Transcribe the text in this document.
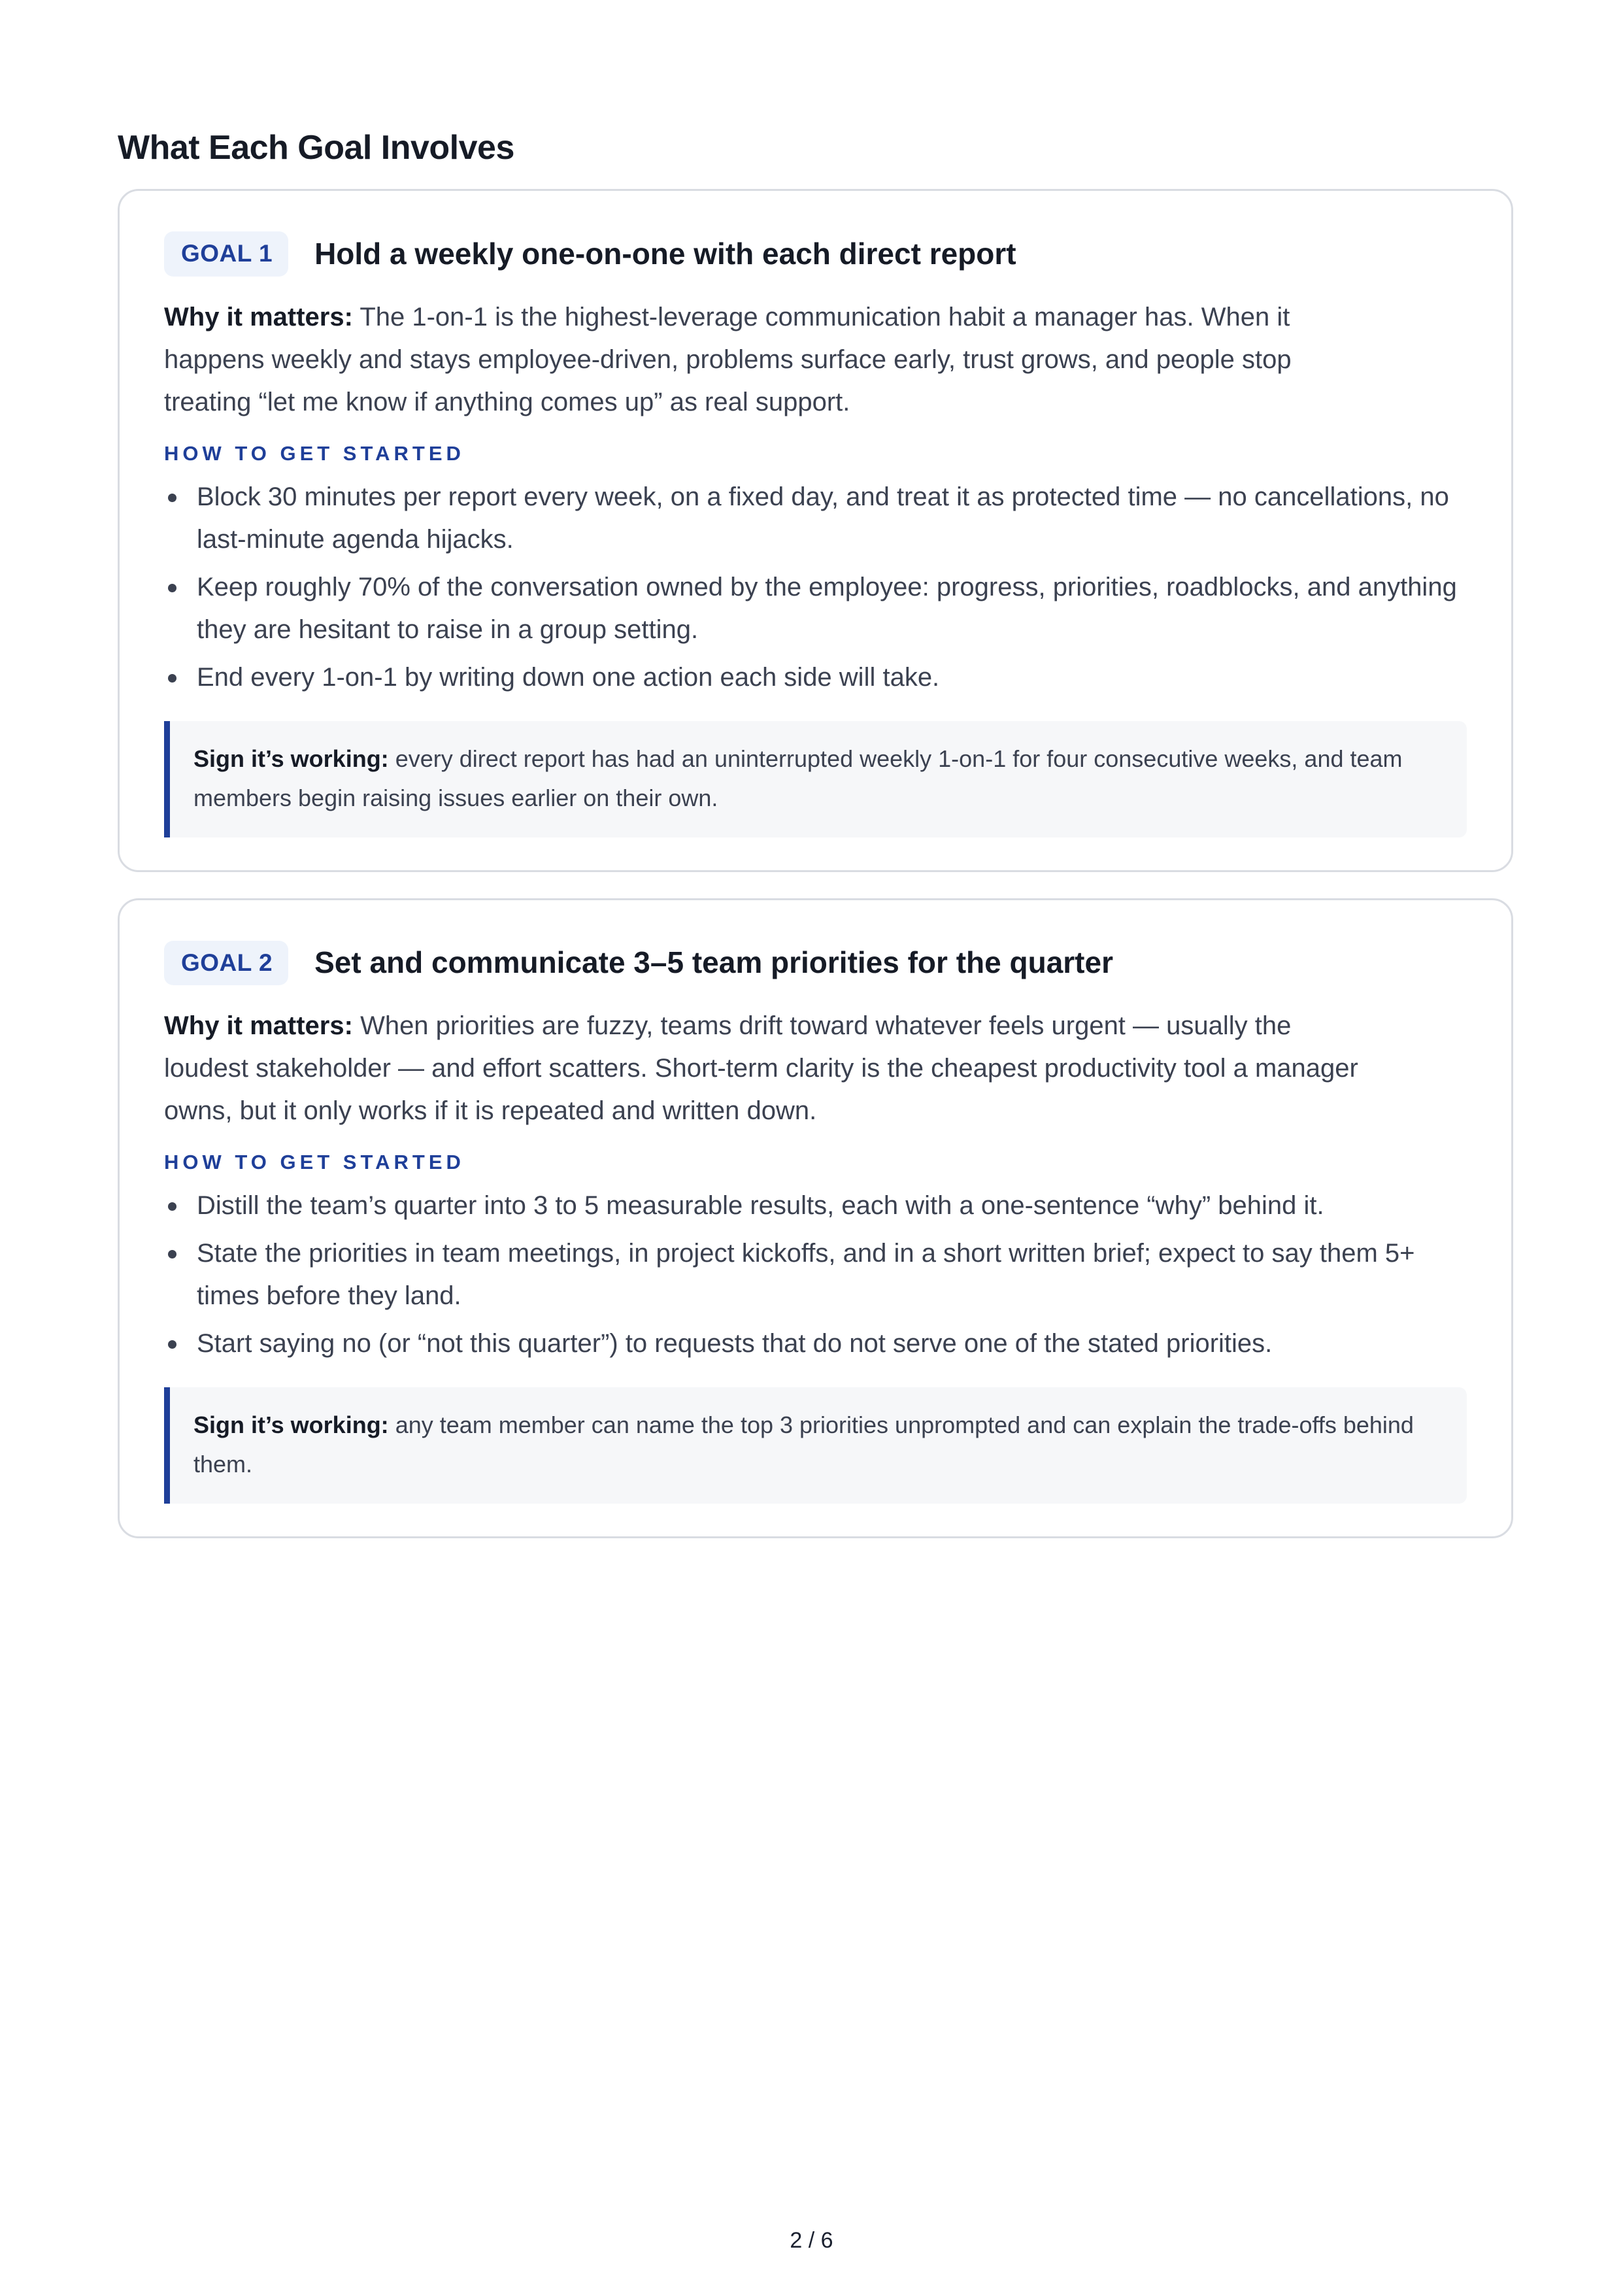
What Each Goal Involves
GOAL 1	Hold a weekly one-on-one with each direct report

Why it matters: The 1-on-1 is the highest-leverage communication habit a manager has. When it happens weekly and stays employee-driven, problems surface early, trust grows, and people stop treating “let me know if anything comes up” as real support.

HOW TO GET STARTED
Block 30 minutes per report every week, on a fixed day, and treat it as protected time — no cancellations, no last-minute agenda hijacks.
Keep roughly 70% of the conversation owned by the employee: progress, priorities, roadblocks, and anything they are hesitant to raise in a group setting.
End every 1-on-1 by writing down one action each side will take.
Sign it’s working: every direct report has had an uninterrupted weekly 1-on-1 for four consecutive weeks, and team members begin raising issues earlier on their own.
GOAL 2	Set and communicate 3–5 team priorities for the quarter

Why it matters: When priorities are fuzzy, teams drift toward whatever feels urgent — usually the loudest stakeholder — and effort scatters. Short-term clarity is the cheapest productivity tool a manager owns, but it only works if it is repeated and written down.

HOW TO GET STARTED
Distill the team’s quarter into 3 to 5 measurable results, each with a one-sentence “why” behind it.
State the priorities in team meetings, in project kickoffs, and in a short written brief; expect to say them 5+ times before they land.
Start saying no (or “not this quarter”) to requests that do not serve one of the stated priorities.
Sign it’s working: any team member can name the top 3 priorities unprompted and can explain the trade-offs behind them.
2 / 6
